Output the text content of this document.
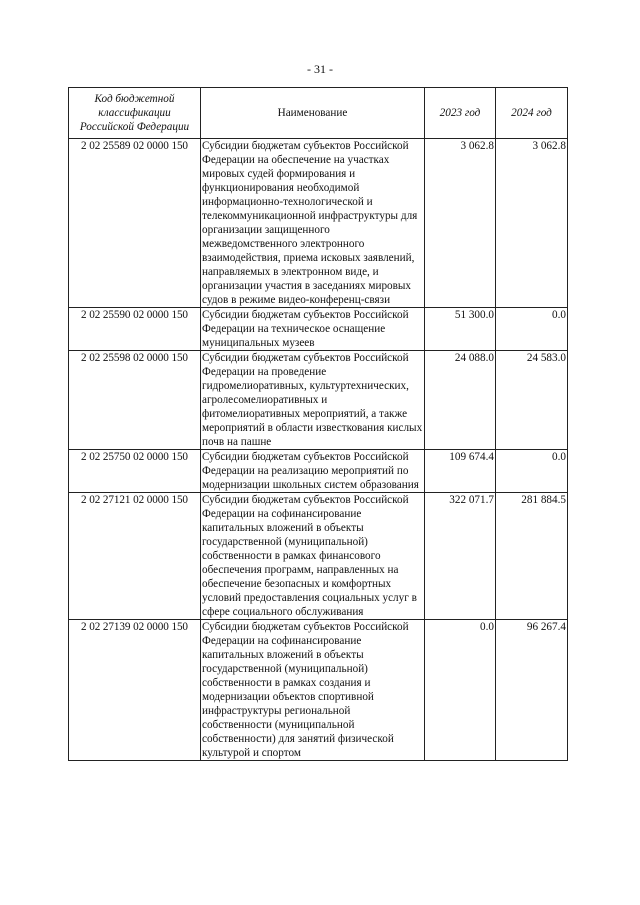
- 31 -
Код бюджетной классификации Российской Федерации	Наименование	2023 год	2024 год
2 02 25589 02 0000 150	Субсидии бюджетам субъектов Российской Федерации на обеспечение на участках мировых судей формирования и функционирования необходимой информационно-технологической и телекоммуникационной инфраструктуры для организации защищенного межведомственного электронного взаимодействия, приема исковых заявлений, направляемых в электронном виде, и организации участия в заседаниях мировых судов в режиме видео-конференц-связи	3 062.8	3 062.8
2 02 25590 02 0000 150	Субсидии бюджетам субъектов Российской Федерации на техническое оснащение муниципальных музеев	51 300.0	0.0
2 02 25598 02 0000 150	Субсидии бюджетам субъектов Российской Федерации на проведение гидромелиоративных, культуртехнических, агролесомелиоративных и фитомелиоративных мероприятий, а также мероприятий в области известкования кислых почв на пашне	24 088.0	24 583.0
2 02 25750 02 0000 150	Субсидии бюджетам субъектов Российской Федерации на реализацию мероприятий по модернизации школьных систем образования	109 674.4	0.0
2 02 27121 02 0000 150	Субсидии бюджетам субъектов Российской Федерации на софинансирование капитальных вложений в объекты государственной (муниципальной) собственности в рамках финансового обеспечения программ, направленных на обеспечение безопасных и комфортных условий предоставления социальных услуг в сфере социального обслуживания	322 071.7	281 884.5
2 02 27139 02 0000 150	Субсидии бюджетам субъектов Российской Федерации на софинансирование капитальных вложений в объекты государственной (муниципальной) собственности в рамках создания и модернизации объектов спортивной инфраструктуры региональной собственности (муниципальной собственности) для занятий физической культурой и спортом	0.0	96 267.4
